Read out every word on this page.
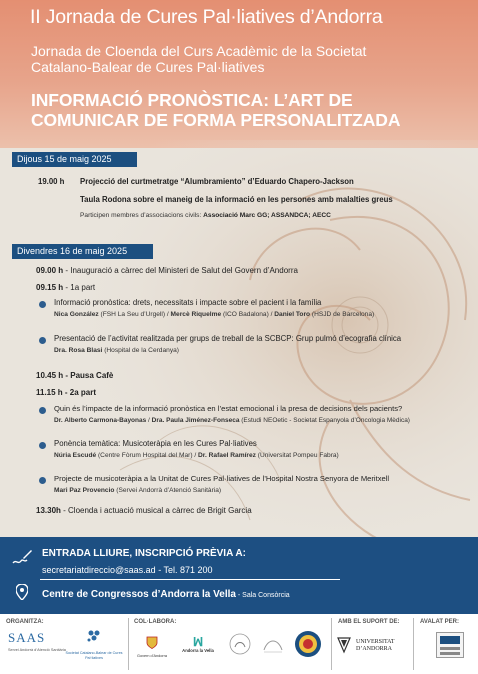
II Jornada de Cures Pal·liatives d’Andorra
Jornada de Cloenda del Curs Acadèmic de la Societat
Catalano-Balear de Cures Pal·liatives
INFORMACIÓ PRONÒSTICA: L’ART DE
COMUNICAR DE FORMA PERSONALITZADA
Dijous 15 de maig 2025
19.00 h Projecció del curtmetratge “Alumbramiento” d’Eduardo Chapero-Jackson
Taula Rodona sobre el maneig de la informació en les persones amb malalties greus
Participen membres d’associacions civils: Associació Marc GG; ASSANDCA; AECC
Divendres 16 de maig 2025
09.00 h - Inauguració a càrrec del Ministeri de Salut del Govern d’Andorra
09.15 h - 1a part
Informació pronòstica: drets, necessitats i impacte sobre el pacient i la família
Nica González (FSH La Seu d’Urgell) / Mercè Riquelme (ICO Badalona) / Daniel Toro (HSJD de Barcelona)
Presentació de l’activitat realitzada per grups de treball de la SCBCP: Grup pulmó d’ecografia clínica
Dra. Rosa Blasi (Hospital de la Cerdanya)
10.45 h - Pausa Cafè
11.15 h - 2a part
Quin és l’impacte de la informació pronòstica en l’estat emocional i la presa de decisions dels pacients?
Dr. Alberto Carmona-Bayonas / Dra. Paula Jiménez-Fonseca (Estudi NEOetic - Societat Espanyola d’Oncologia Mèdica)
Ponència temàtica: Musicoteràpia en les Cures Pal·liatives
Núria Escudé (Centre Fòrum Hospital del Mar) / Dr. Rafael Ramírez (Universitat Pompeu Fabra)
Projecte de musicoteràpia a la Unitat de Cures Pal·liatives de l’Hospital Nostra Senyora de Meritxell
Mari Paz Provencio (Servei Andorrà d’Atenció Sanitària)
13.30h - Cloenda i actuació musical a càrrec de Brigit Garcia
ENTRADA LLIURE, INSCRIPCIÓ PRÈVIA A:
secretariatdireccio@saas.ad - Tel. 871 200
Centre de Congressos d’Andorra la Vella - Sala Consòrcia
ORGANITZA:	COL·LABORA:	AMB EL SUPORT DE:	AVALAT PER:
SAAS
Servei Andorrà d’Atenció Sanitària
Societat Catalano-Balear de Cures Pal·liatives	Govern d’Andorra
ꟽ
Andorra la Vella
UNIVERSITAT
D’ANDORRA
